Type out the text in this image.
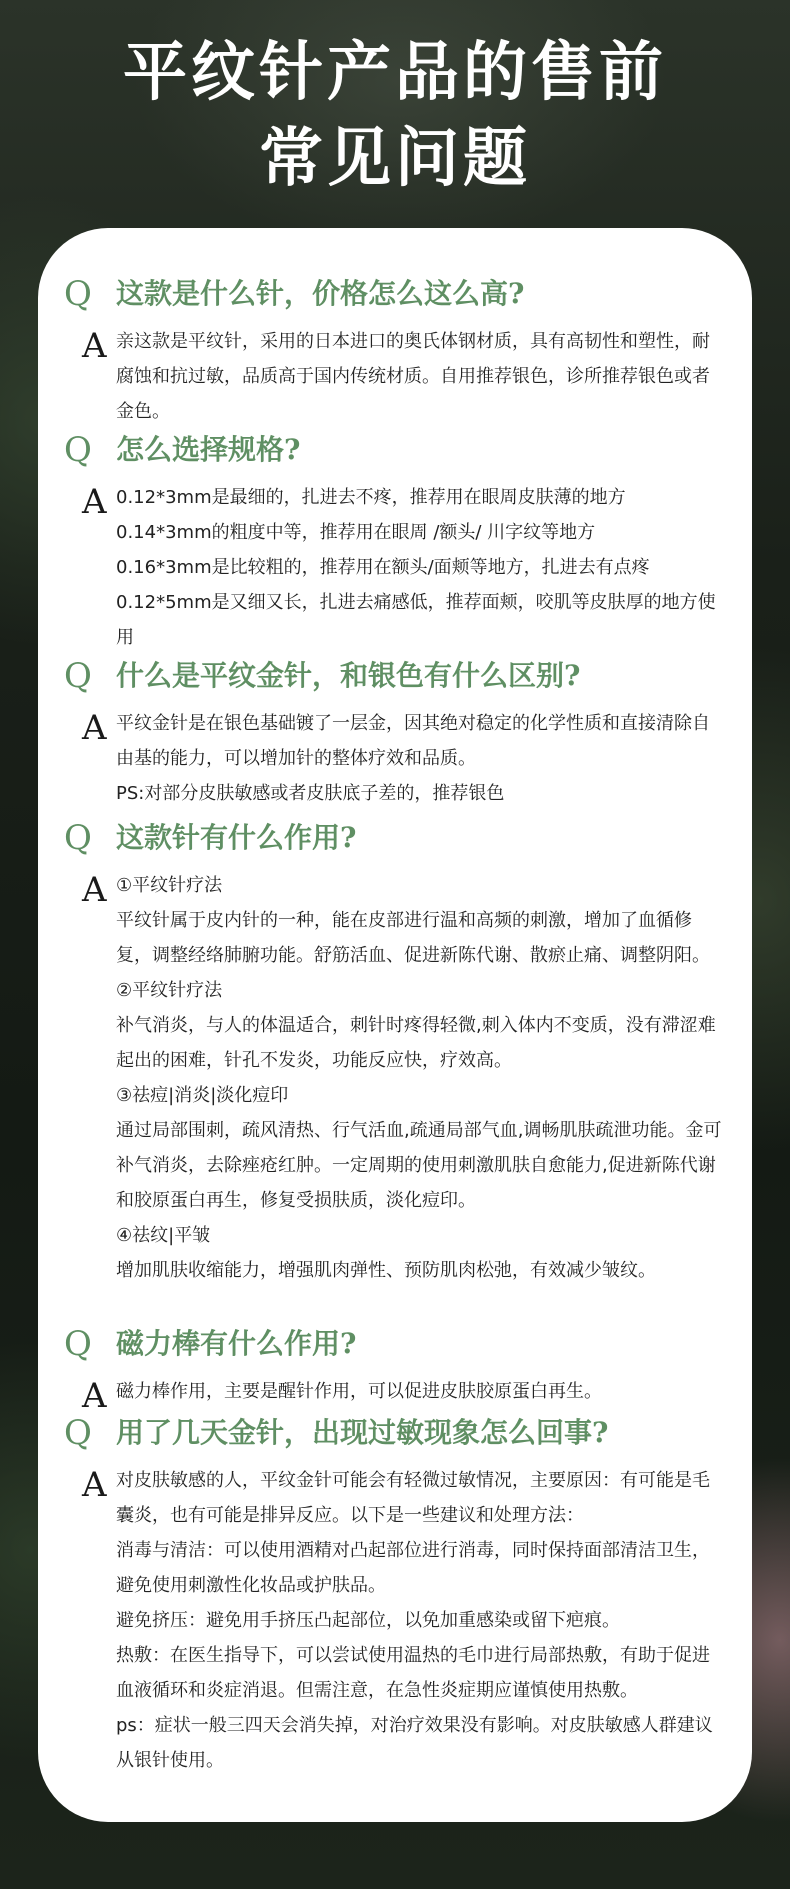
平纹针产品的售前
常见问题
Q 这款是什么针，价格怎么这么高?
A 亲这款是平纹针，采用的日本进口的奥氏体钢材质，具有高韧性和塑性，耐腐蚀和抗过敏，品质高于国内传统材质。自用推荐银色，诊所推荐银色或者金色。

Q 怎么选择规格?
A 0.12*3mm是最细的，扎进去不疼，推荐用在眼周皮肤薄的地方

0.14*3mm的粗度中等，推荐用在眼周 /额头/ 川字纹等地方

0.16*3mm是比较粗的，推荐用在额头/面颊等地方，扎进去有点疼

0.12*5mm是又细又长，扎进去痛感低，推荐面颊，咬肌等皮肤厚的地方使用

Q 什么是平纹金针，和银色有什么区别?
A 平纹金针是在银色基础镀了一层金，因其绝对稳定的化学性质和直接清除自由基的能力，可以增加针的整体疗效和品质。

PS:对部分皮肤敏感或者皮肤底子差的，推荐银色

Q 这款针有什么作用?
A ①平纹针疗法

平纹针属于皮内针的一种，能在皮部进行温和高频的刺激，增加了血循修复，调整经络肺腑功能。舒筋活血、促进新陈代谢、散瘀止痛、调整阴阳。

②平纹针疗法

补气消炎，与人的体温适合，刺针时疼得轻微,刺入体内不变质，没有滞涩难起出的困难，针孔不发炎，功能反应快，疗效高。

③祛痘|消炎|淡化痘印

通过局部围刺，疏风清热、行气活血,疏通局部气血,调畅肌肤疏泄功能。金可补气消炎，去除痤疮红肿。一定周期的使用刺激肌肤自愈能力,促进新陈代谢和胶原蛋白再生，修复受损肤质，淡化痘印。

④祛纹|平皱

增加肌肤收缩能力，增强肌肉弹性、预防肌肉松弛，有效减少皱纹。

Q 磁力棒有什么作用?
A 磁力棒作用，主要是醒针作用，可以促进皮肤胶原蛋白再生。

Q 用了几天金针，出现过敏现象怎么回事?
A 对皮肤敏感的人，平纹金针可能会有轻微过敏情况，主要原因：有可能是毛囊炎，也有可能是排异反应。以下是一些建议和处理方法：

消毒与清洁：可以使用酒精对凸起部位进行消毒，同时保持面部清洁卫生，避免使用刺激性化妆品或护肤品。

避免挤压：避免用手挤压凸起部位，以免加重感染或留下疤痕。

热敷：在医生指导下，可以尝试使用温热的毛巾进行局部热敷，有助于促进血液循环和炎症消退。但需注意，在急性炎症期应谨慎使用热敷。

ps：症状一般三四天会消失掉，对治疗效果没有影响。对皮肤敏感人群建议从银针使用。
